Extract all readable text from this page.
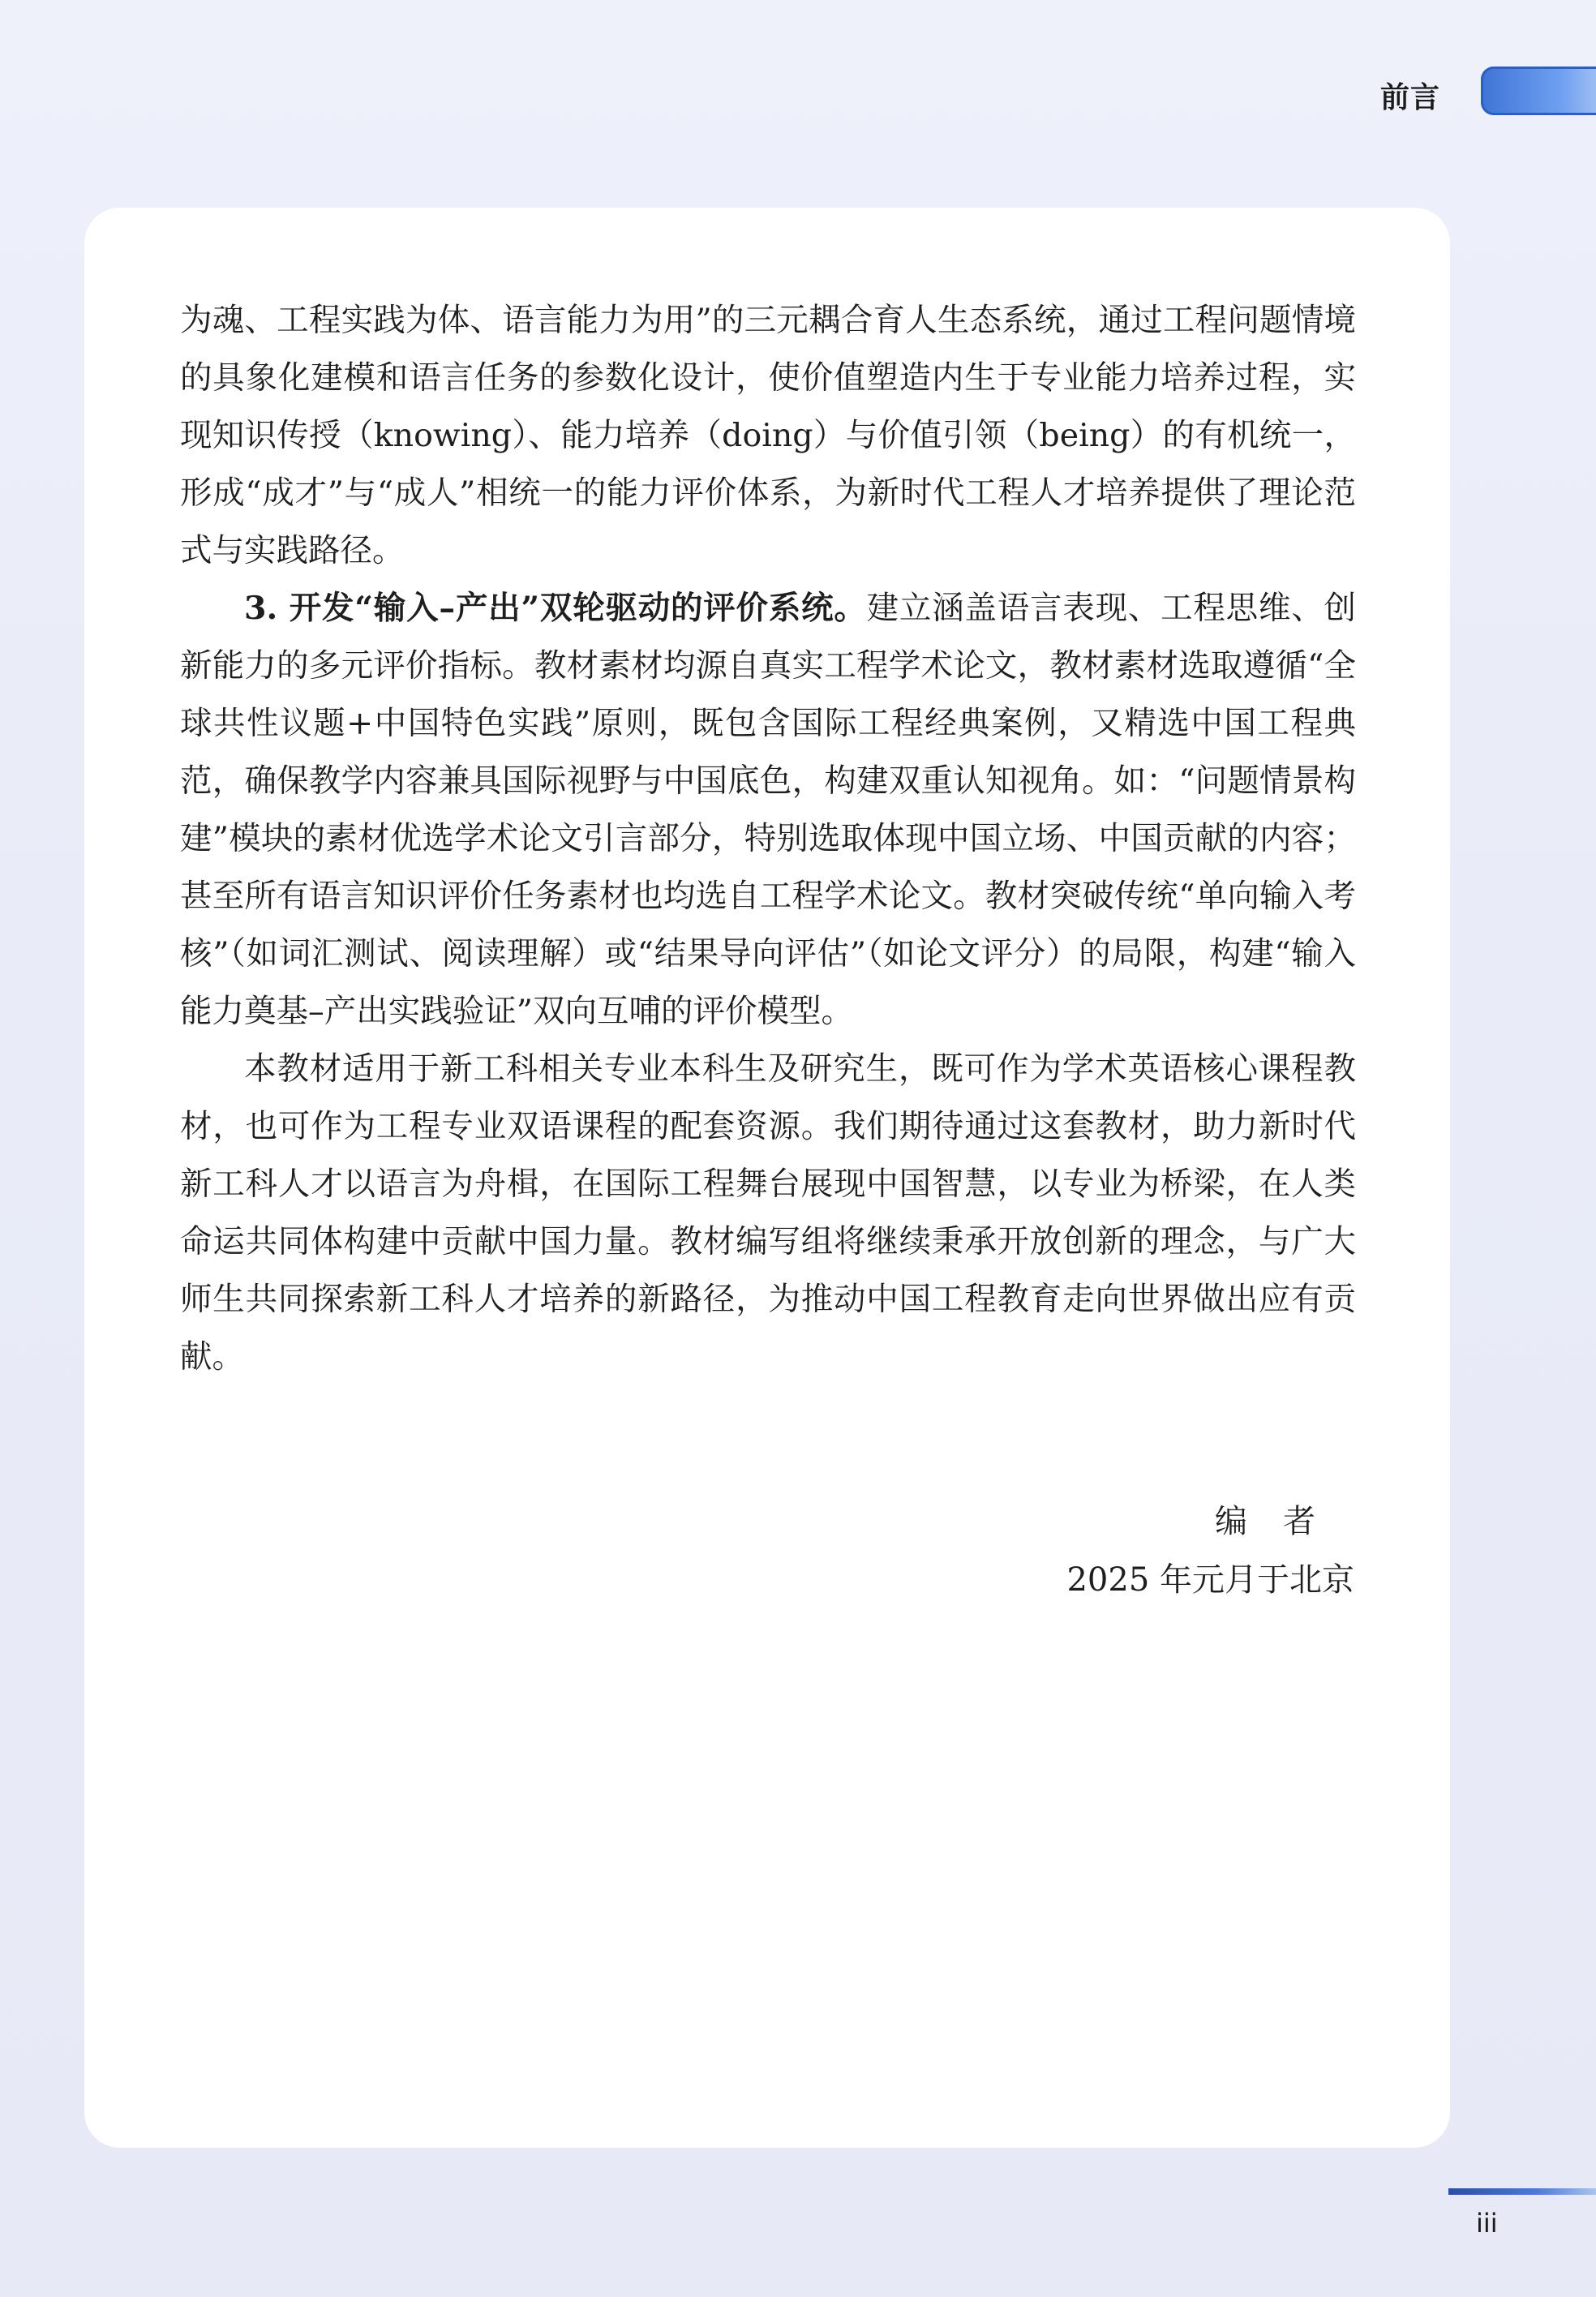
前言

为魂、工程实践为体、语言能力为用”的三元耦合育人生态系统，通过工程问题情境的具象化建模和语言任务的参数化设计，使价值塑造内生于专业能力培养过程，实现知识传授（knowing）、能力培养（doing）与价值引领（being）的有机统一，形成“成才”与“成人”相统一的能力评价体系，为新时代工程人才培养提供了理论范式与实践路径。

3. 开发“输入–产出”双轮驱动的评价系统。建立涵盖语言表现、工程思维、创新能力的多元评价指标。教材素材均源自真实工程学术论文，教材素材选取遵循“全球共性议题+中国特色实践”原则，既包含国际工程经典案例，又精选中国工程典范，确保教学内容兼具国际视野与中国底色，构建双重认知视角。如：“问题情景构建”模块的素材优选学术论文引言部分，特别选取体现中国立场、中国贡献的内容；甚至所有语言知识评价任务素材也均选自工程学术论文。教材突破传统“单向输入考核”（如词汇测试、阅读理解）或“结果导向评估”（如论文评分）的局限，构建“输入能力奠基–产出实践验证”双向互哺的评价模型。

本教材适用于新工科相关专业本科生及研究生，既可作为学术英语核心课程教材，也可作为工程专业双语课程的配套资源。我们期待通过这套教材，助力新时代新工科人才以语言为舟楫，在国际工程舞台展现中国智慧，以专业为桥梁，在人类命运共同体构建中贡献中国力量。教材编写组将继续秉承开放创新的理念，与广大师生共同探索新工科人才培养的新路径，为推动中国工程教育走向世界做出应有贡献。

编者
2025 年元月于北京
iii
